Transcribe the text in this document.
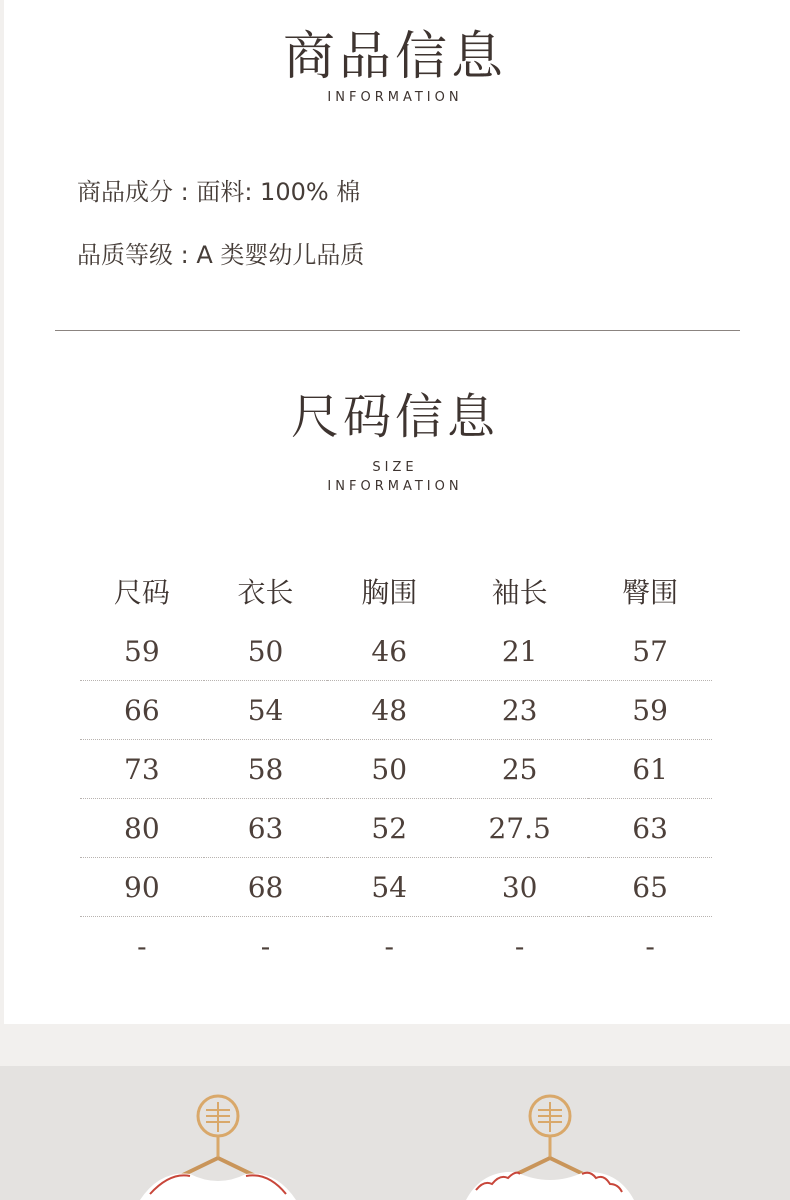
商品信息
INFORMATION
商品成分 : 面料: 100% 棉
品质等级 : A 类婴幼儿品质
尺码信息
SIZE
INFORMATION
尺码	衣长	胸围	袖长	臀围
59	50	46	21	57
66	54	48	23	59
73	58	50	25	61
80	63	52	27.5	63
90	68	54	30	65
-	-	-	-	-
